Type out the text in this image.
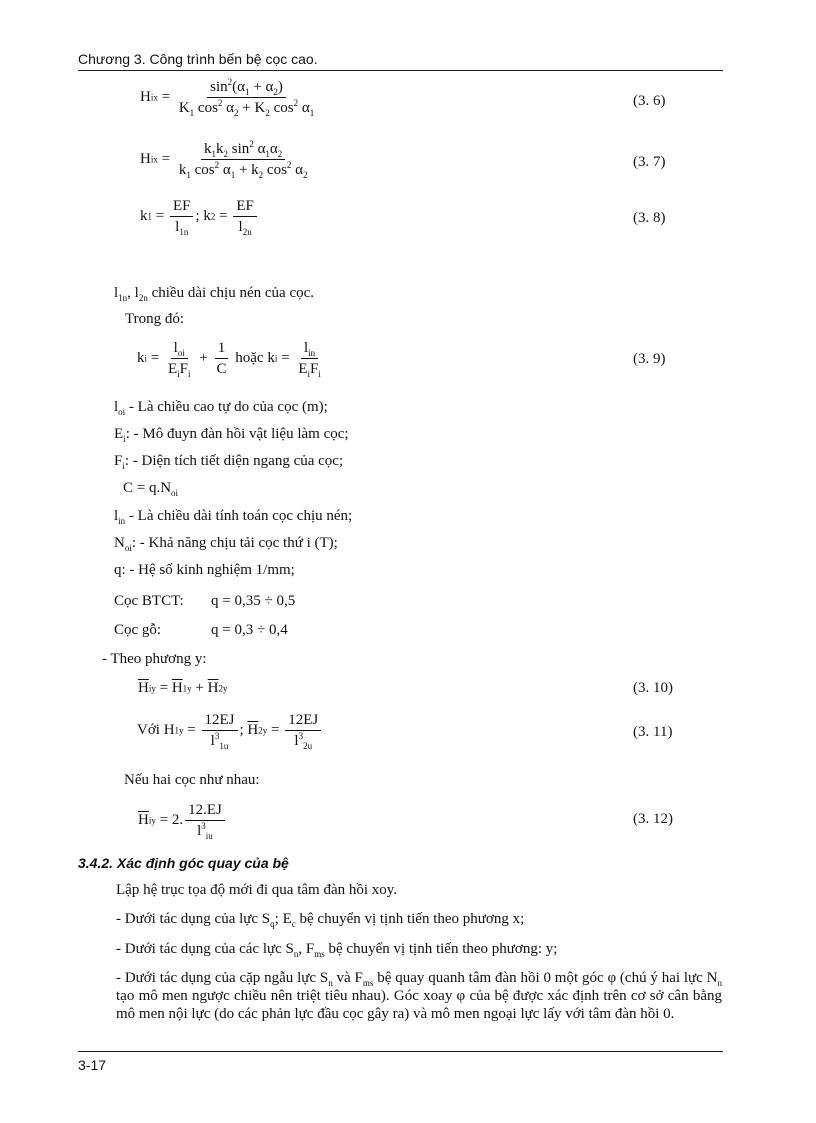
Chương 3. Công trình bến bệ cọc cao.
Hix = $\frac{\sin^2(\alpha_1 + \alpha_2)}{K_1 \cos^2 \alpha_2 + K_2 \cos^2 \alpha_1}$	(3. 6)
Hix = $\frac{k_1k_2 \sin^2 \alpha_1\alpha_2}{k_1 \cos^2 \alpha_1 + k_2 \cos^2 \alpha_2}$	(3. 7)
$k1 = \frac{EF}{l_{1n}}$ ; $k2 = \frac{EF}{l_{2n}}$	(3. 8)
$l_{1n}$, $l_{2n}$ chiều dài chịu nén của cọc.
Trong đó:
ki = $\frac{l_{oi}}{E_iF_i} + \frac{1}{C}$ hoặc ki = $\frac{l_{in}}{E_iF_i}$	(3. 9)
$l_{oi}$ - Là chiều cao tự do của cọc (m);
$E_i$: - Mô đuyn đàn hồi vật liệu làm cọc;
$F_i$: - Diện tích tiết diện ngang của cọc;
$C = q.N_{oi}$
$l_{in}$ - Là chiều dài tính toán cọc chịu nén;
$N_{oi}$: - Khả năng chịu tải cọc thứ i (T);
q: - Hệ số kinh nghiệm 1/mm;
Cọc BTCT: q = 0,35 ÷ 0,5
Cọc gỗ:	q = 0,3 ÷ 0,4
- Theo phương y:
$\overline{H}iy = \overline{H}1y + \overline{H}2y$	(3. 10)
Với $H1y = \frac{12EJ}{l^3_{1u}}$ ; $\overline{H}2y = \frac{12EJ}{l^3_{2u}}$	(3. 11)
Nếu hai cọc như nhau:
$\overline{H}iy = 2$. $\frac{12.EJ}{l^3_{iu}}$	(3. 12)
3.4.2. Xác định góc quay của bệ
Lập hệ trục tọa độ mới đi qua tâm đàn hồi xoy.
- Dưới tác dụng của lực $S_q$; $E_c$ bệ chuyển vị tịnh tiến theo phương x;
- Dưới tác dụng của các lực $S_n$, $F_{ms}$ bệ chuyển vị tịnh tiến theo phương: y;
- Dưới tác dụng của cặp ngẫu lực $S_n$ và $F_{ms}$ bệ quay quanh tâm đàn hồi 0 một góc φ (chú ý hai lực $N_n$ tạo mô men ngược chiều nên triệt tiêu nhau). Góc xoay φ của bệ được xác định trên cơ sở cân bằng mô men nội lực (do các phản lực đầu cọc gây ra) và mô men ngoại lực lấy với tâm đàn hồi 0.
3-17
